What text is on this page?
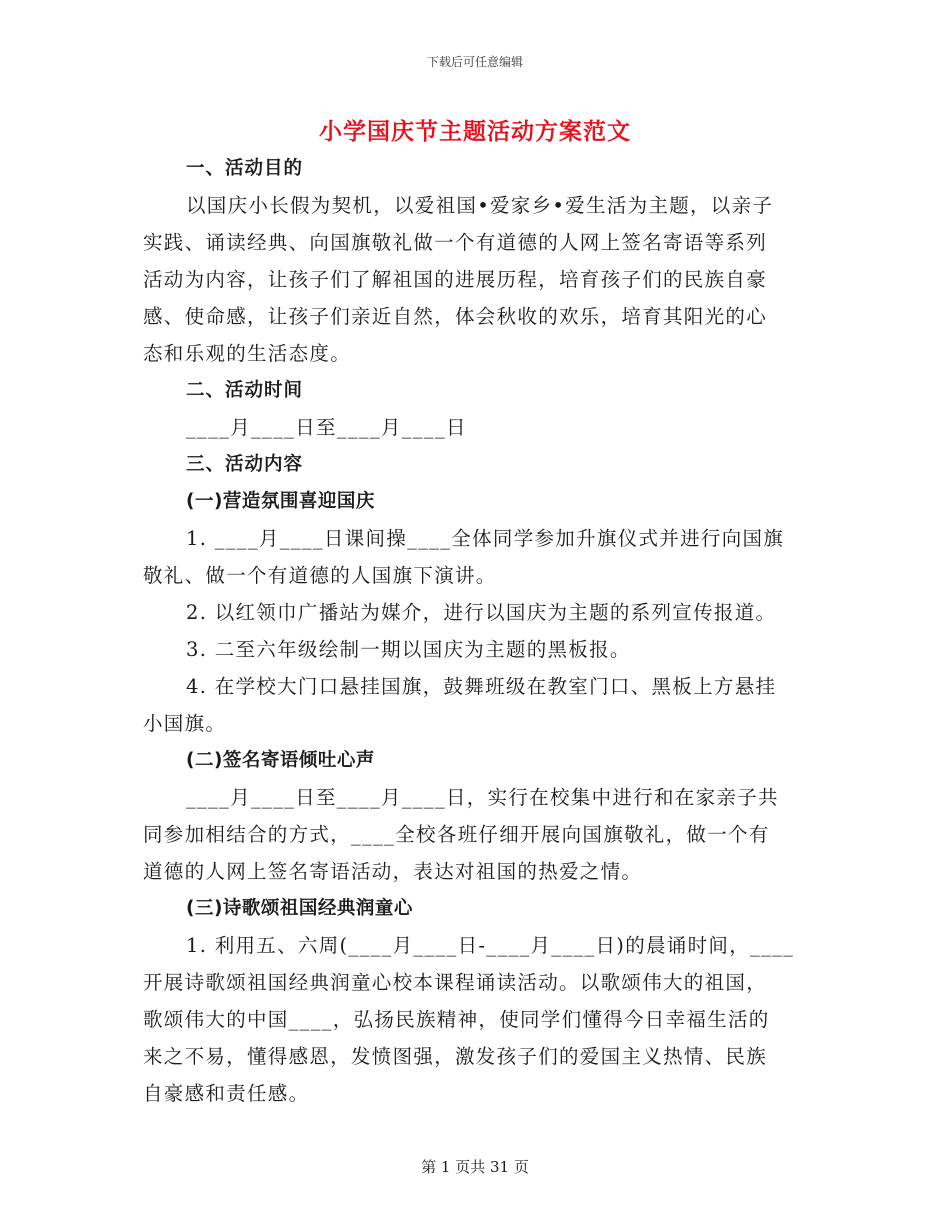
下载后可任意编辑
小学国庆节主题活动方案范文
一、活动目的
以国庆小长假为契机，以爱祖国•爱家乡•爱生活为主题，以亲子
实践、诵读经典、向国旗敬礼做一个有道德的人网上签名寄语等系列
活动为内容，让孩子们了解祖国的进展历程，培育孩子们的民族自豪
感、使命感，让孩子们亲近自然，体会秋收的欢乐，培育其阳光的心
态和乐观的生活态度。
二、活动时间
____月____日至____月____日
三、活动内容
(一)营造氛围喜迎国庆
1. ____月____日课间操____全体同学参加升旗仪式并进行向国旗
敬礼、做一个有道德的人国旗下演讲。
2. 以红领巾广播站为媒介，进行以国庆为主题的系列宣传报道。
3. 二至六年级绘制一期以国庆为主题的黑板报。
4. 在学校大门口悬挂国旗，鼓舞班级在教室门口、黑板上方悬挂
小国旗。
(二)签名寄语倾吐心声
____月____日至____月____日，实行在校集中进行和在家亲子共
同参加相结合的方式，____全校各班仔细开展向国旗敬礼，做一个有
道德的人网上签名寄语活动，表达对祖国的热爱之情。
(三)诗歌颂祖国经典润童心
1. 利用五、六周(____月____日-____月____日)的晨诵时间，____
开展诗歌颂祖国经典润童心校本课程诵读活动。以歌颂伟大的祖国，
歌颂伟大的中国____，弘扬民族精神，使同学们懂得今日幸福生活的
来之不易，懂得感恩，发愤图强，激发孩子们的爱国主义热情、民族
自豪感和责任感。
第 1 页共 31 页
